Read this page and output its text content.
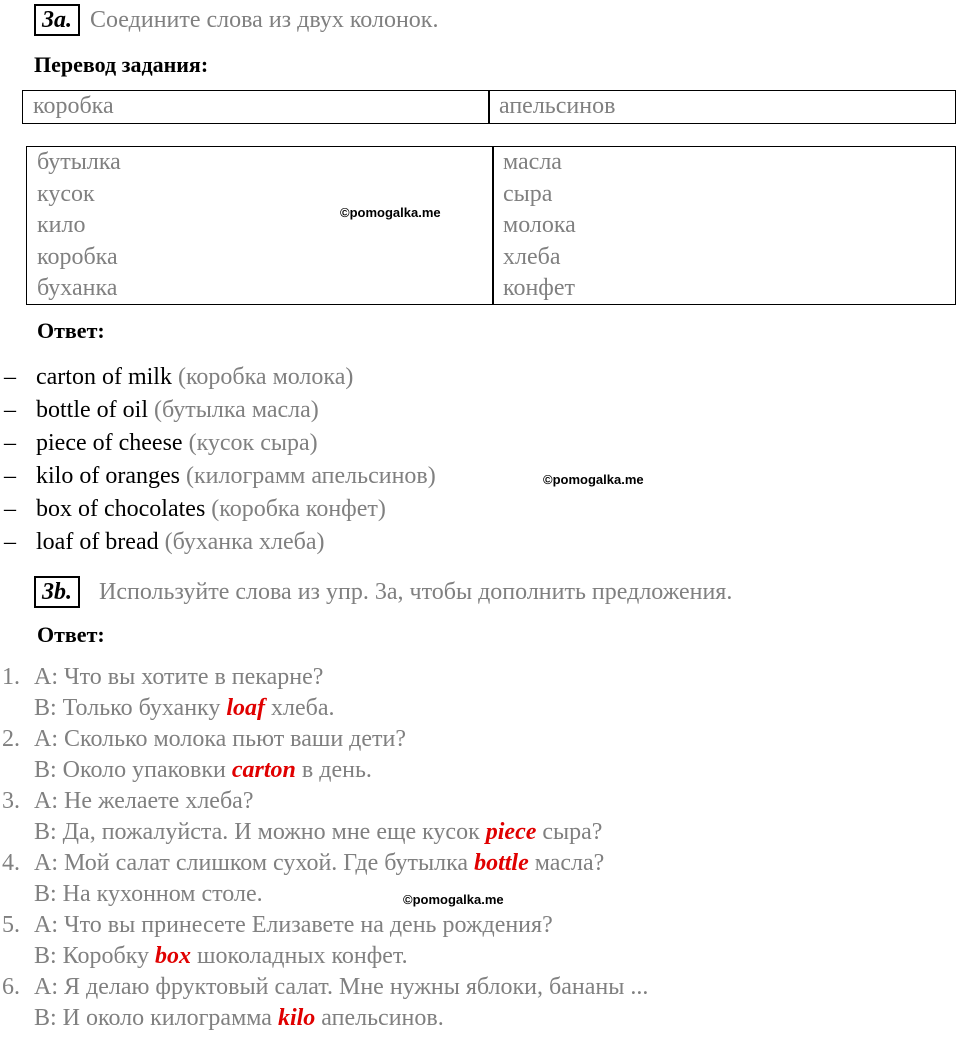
3a. Соедините слова из двух колонок.
Перевод задания:
коробка	апельсинов
бутылка
кусок
кило
коробка
буханка
масла
сыра
молока
хлеба
конфет
©pomogalka.me
Ответ:
– carton of milk (коробка молока)
– bottle of oil (бутылка масла)
– piece of cheese (кусок сыра)
– kilo of oranges (килограмм апельсинов)
– box of chocolates (коробка конфет)
– loaf of bread (буханка хлеба)
©pomogalka.me
3b.	Используйте слова из упр. 3а, чтобы дополнить предложения.
Ответ:
1. А: Что вы хотите в пекарне?
В: Только буханку loaf хлеба.
2. А: Сколько молока пьют ваши дети?
В: Около упаковки carton в день.
3. А: Не желаете хлеба?
В: Да, пожалуйста. И можно мне еще кусок piece сыра?
4. А: Мой салат слишком сухой. Где бутылка bottle масла?
В: На кухонном столе.
5. А: Что вы принесете Елизавете на день рождения?
В: Коробку box шоколадных конфет.
6. А: Я делаю фруктовый салат. Мне нужны яблоки, бананы ...
В: И около килограмма kilo апельсинов.
©pomogalka.me
